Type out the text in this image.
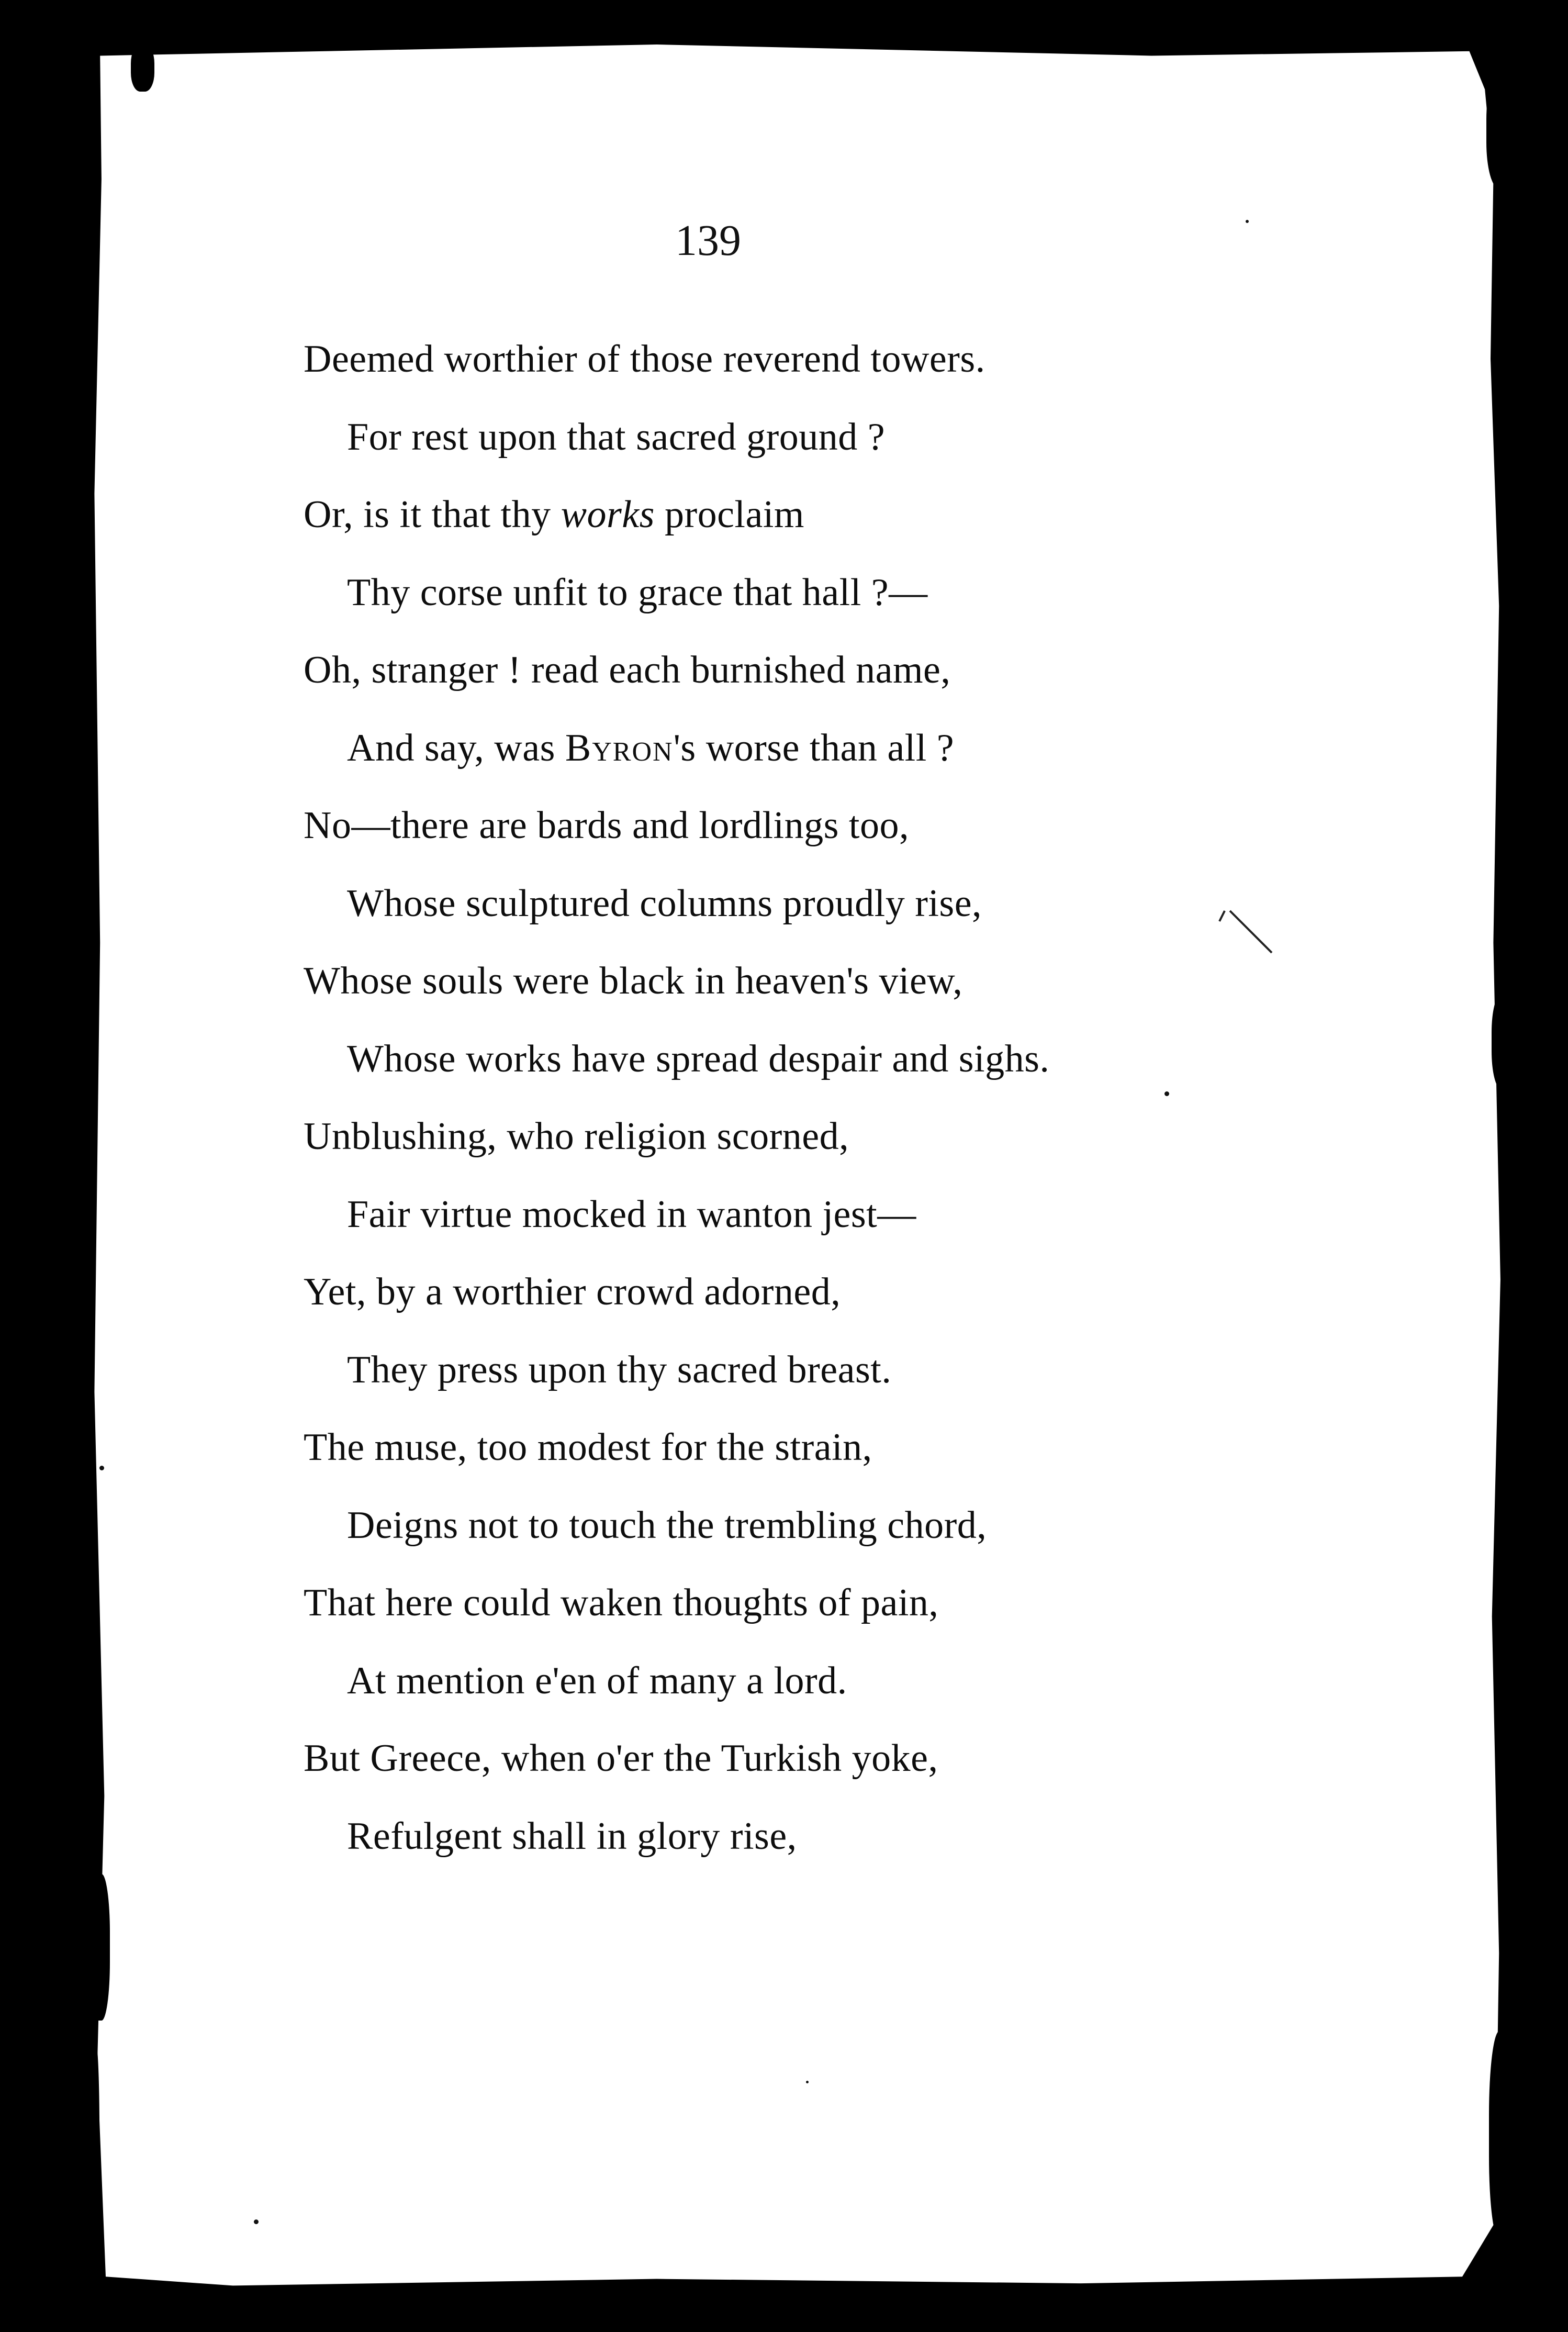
139
Deemed worthier of those reverend towers.
For rest upon that sacred ground ?
Or, is it that thy works proclaim
Thy corse unfit to grace that hall ?—
Oh, stranger ! read each burnished name,
And say, was Byron's worse than all ?
No—there are bards and lordlings too,
Whose sculptured columns proudly rise,
Whose souls were black in heaven's view,
Whose works have spread despair and sighs.
Unblushing, who religion scorned,
Fair virtue mocked in wanton jest—
Yet, by a worthier crowd adorned,
They press upon thy sacred breast.
The muse, too modest for the strain,
Deigns not to touch the trembling chord,
That here could waken thoughts of pain,
At mention e'en of many a lord.
But Greece, when o'er the Turkish yoke,
Refulgent shall in glory rise,
